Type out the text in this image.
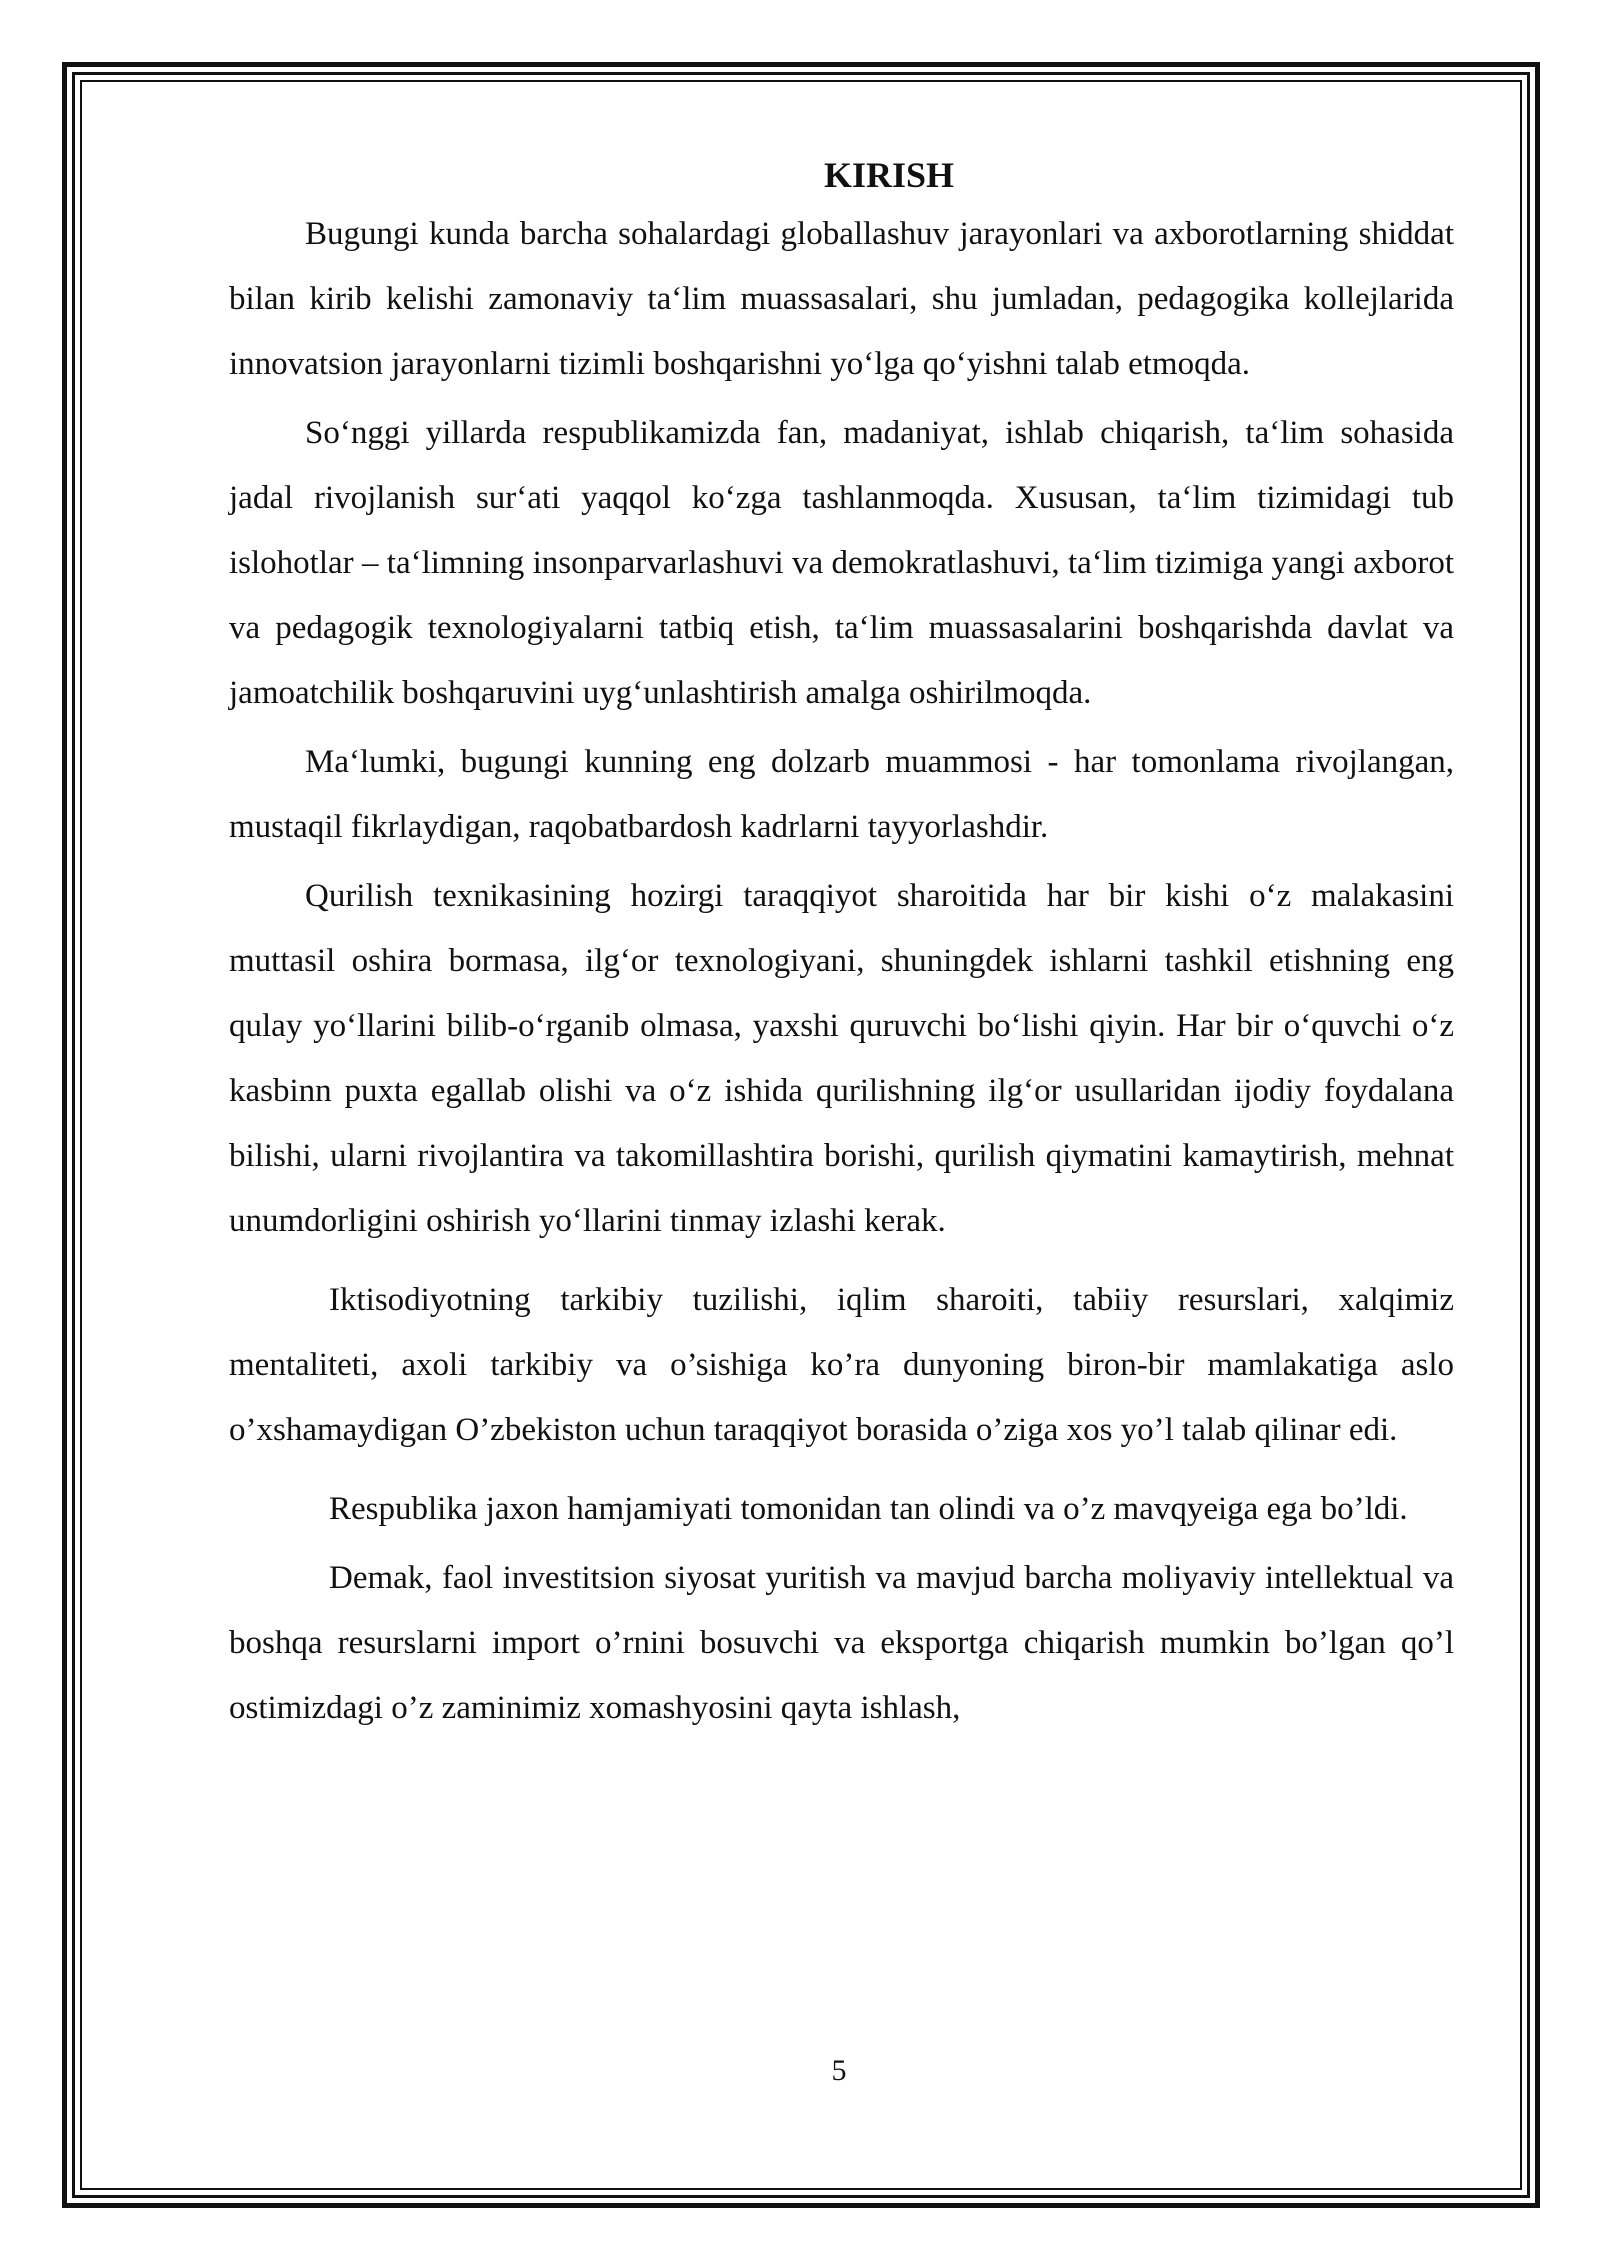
KIRISH

Bugungi kunda barcha sohalardagi globallashuv jarayonlari va axborotlarning shiddat bilan kirib kelishi zamonaviy ta‘lim muassasalari, shu jumladan, pedagogika kollejlarida innovatsion jarayonlarni tizimli boshqarishni yo‘lga qo‘yishni talab etmoqda.

So‘nggi yillarda respublikamizda fan, madaniyat, ishlab chiqarish, ta‘lim sohasida jadal rivojlanish sur‘ati yaqqol ko‘zga tashlanmoqda. Xususan, ta‘lim tizimidagi tub islohotlar – ta‘limning insonparvarlashuvi va demokratlashuvi, ta‘lim tizimiga yangi axborot va pedagogik texnologiyalarni tatbiq etish, ta‘lim muassasalarini boshqarishda davlat va jamoatchilik boshqaruvini uyg‘unlashtirish amalga oshirilmoqda.

Ma‘lumki, bugungi kunning eng dolzarb muammosi - har tomonlama rivojlangan, mustaqil fikrlaydigan, raqobatbardosh kadrlarni tayyorlashdir.

Qurilish texnikasining hozirgi taraqqiyot sharoitida har bir kishi o‘z malakasini muttasil oshira bormasa, ilg‘or texnologiyani, shuningdek ishlarni tashkil etishning eng qulay yo‘llarini bilib-o‘rganib olmasa, yaxshi quruvchi bo‘lishi qiyin. Har bir o‘quvchi o‘z kasbinn puxta egallab olishi va o‘z ishida qurilishning ilg‘or usullaridan ijodiy foydalana bilishi, ularni rivojlantira va takomillashtira borishi, qurilish qiymatini kamaytirish, mehnat unumdorligini oshirish yo‘llarini tinmay izlashi kerak.

Iktisodiyotning tarkibiy tuzilishi, iqlim sharoiti, tabiiy resurslari, xalqimiz mentaliteti, axoli tarkibiy va o’sishiga ko’ra dunyoning biron-bir mamlakatiga aslo o’xshamaydigan O’zbekiston uchun taraqqiyot borasida o’ziga xos yo’l talab qilinar edi.

Respublika jaxon hamjamiyati tomonidan tan olindi va o’z mavqyeiga ega bo’ldi.

Demak, faol investitsion siyosat yuritish va mavjud barcha moliyaviy intellektual va boshqa resurslarni import o’rnini bosuvchi va eksportga chiqarish mumkin bo’lgan qo’l ostimizdagi o’z zaminimiz xomashyosini qayta ishlash,

5
